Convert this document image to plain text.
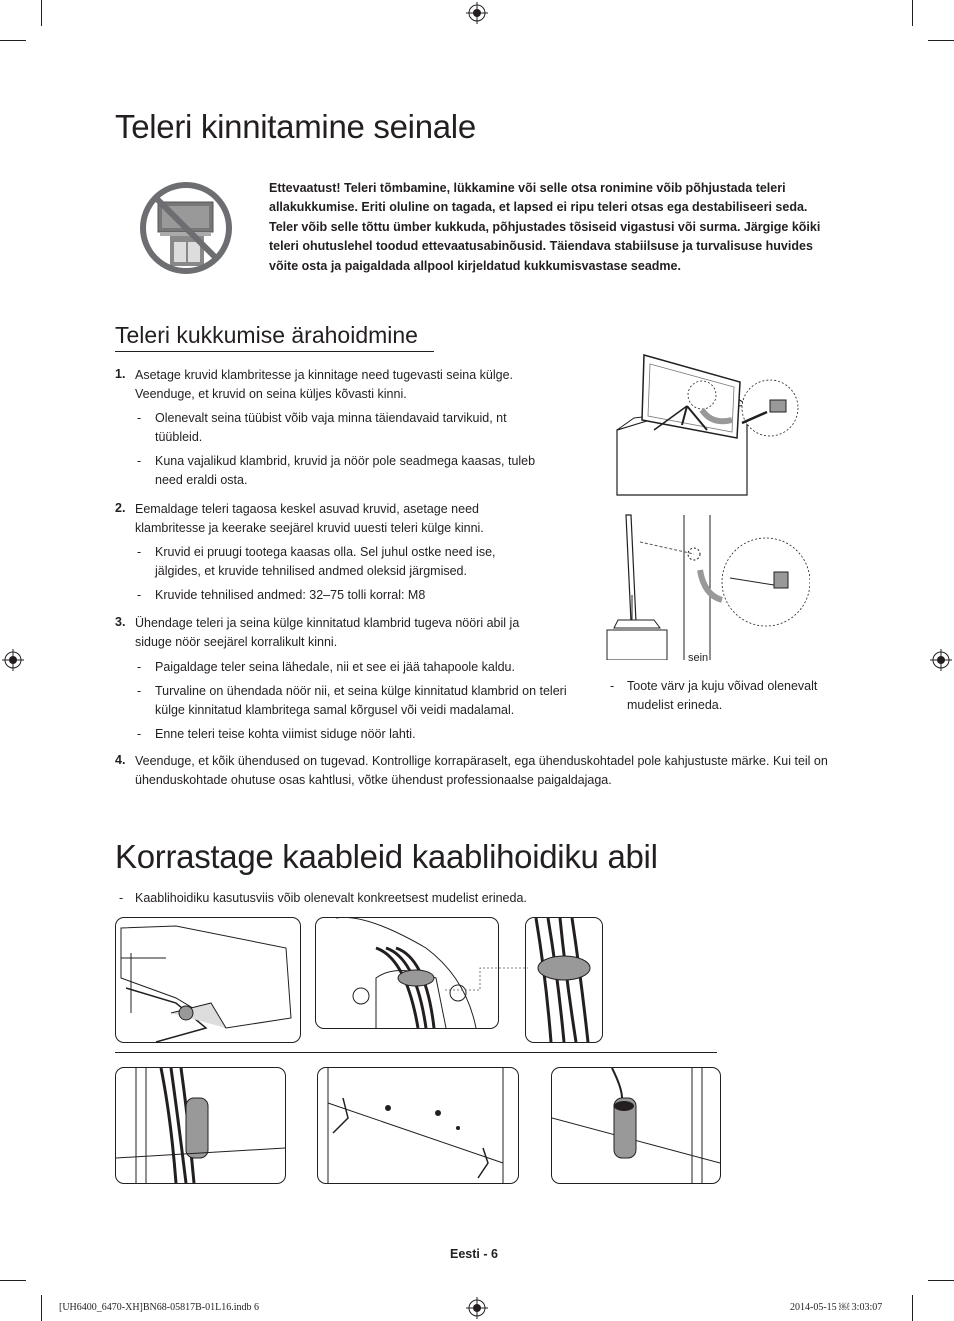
Teleri kinnitamine seinale
Ettevaatust! Teleri tõmbamine, lükkamine või selle otsa ronimine võib põhjustada teleri allakukkumise. Eriti oluline on tagada, et lapsed ei ripu teleri otsas ega destabiliseeri seda. Teler võib selle tõttu ümber kukkuda, põhjustades tõsiseid vigastusi või surma. Järgige kõiki teleri ohutuslehel toodud ettevaatusabinõusid. Täiendava stabiilsuse ja turvalisuse huvides võite osta ja paigaldada allpool kirjeldatud kukkumisvastase seadme.
Teleri kukkumise ärahoidmine
1. Asetage kruvid klambritesse ja kinnitage need tugevasti seina külge. Veenduge, et kruvid on seina küljes kõvasti kinni.
- Olenevalt seina tüübist võib vaja minna täiendavaid tarvikuid, nt tüübleid.
- Kuna vajalikud klambrid, kruvid ja nöör pole seadmega kaasas, tuleb need eraldi osta.
2. Eemaldage teleri tagaosa keskel asuvad kruvid, asetage need klambritesse ja keerake seejärel kruvid uuesti teleri külge kinni.
- Kruvid ei pruugi tootega kaasas olla. Sel juhul ostke need ise, jälgides, et kruvide tehnilised andmed oleksid järgmised.
- Kruvide tehnilised andmed: 32–75 tolli korral: M8
3. Ühendage teleri ja seina külge kinnitatud klambrid tugeva nööri abil ja siduge nöör seejärel korralikult kinni.
- Paigaldage teler seina lähedale, nii et see ei jää tahapoole kaldu.
- Turvaline on ühendada nöör nii, et seina külge kinnitatud klambrid on teleri külge kinnitatud klambritega samal kõrgusel või veidi madalamal.
- Enne teleri teise kohta viimist siduge nöör lahti.
4. Veenduge, et kõik ühendused on tugevad. Kontrollige korrapäraselt, ega ühenduskohtadel pole kahjustuste märke. Kui teil on ühenduskohtade ohutuse osas kahtlusi, võtke ühendust professionaalse paigaldajaga.
sein
- Toote värv ja kuju võivad olenevalt mudelist erineda.
Korrastage kaableid kaablihoidiku abil
- Kaablihoidiku kasutusviis võib olenevalt konkreetsest mudelist erineda.
Eesti - 6
[UH6400_6470-XH]BN68-05817B-01L16.indb 6	2014-05-15 ￼ 3:03:07
